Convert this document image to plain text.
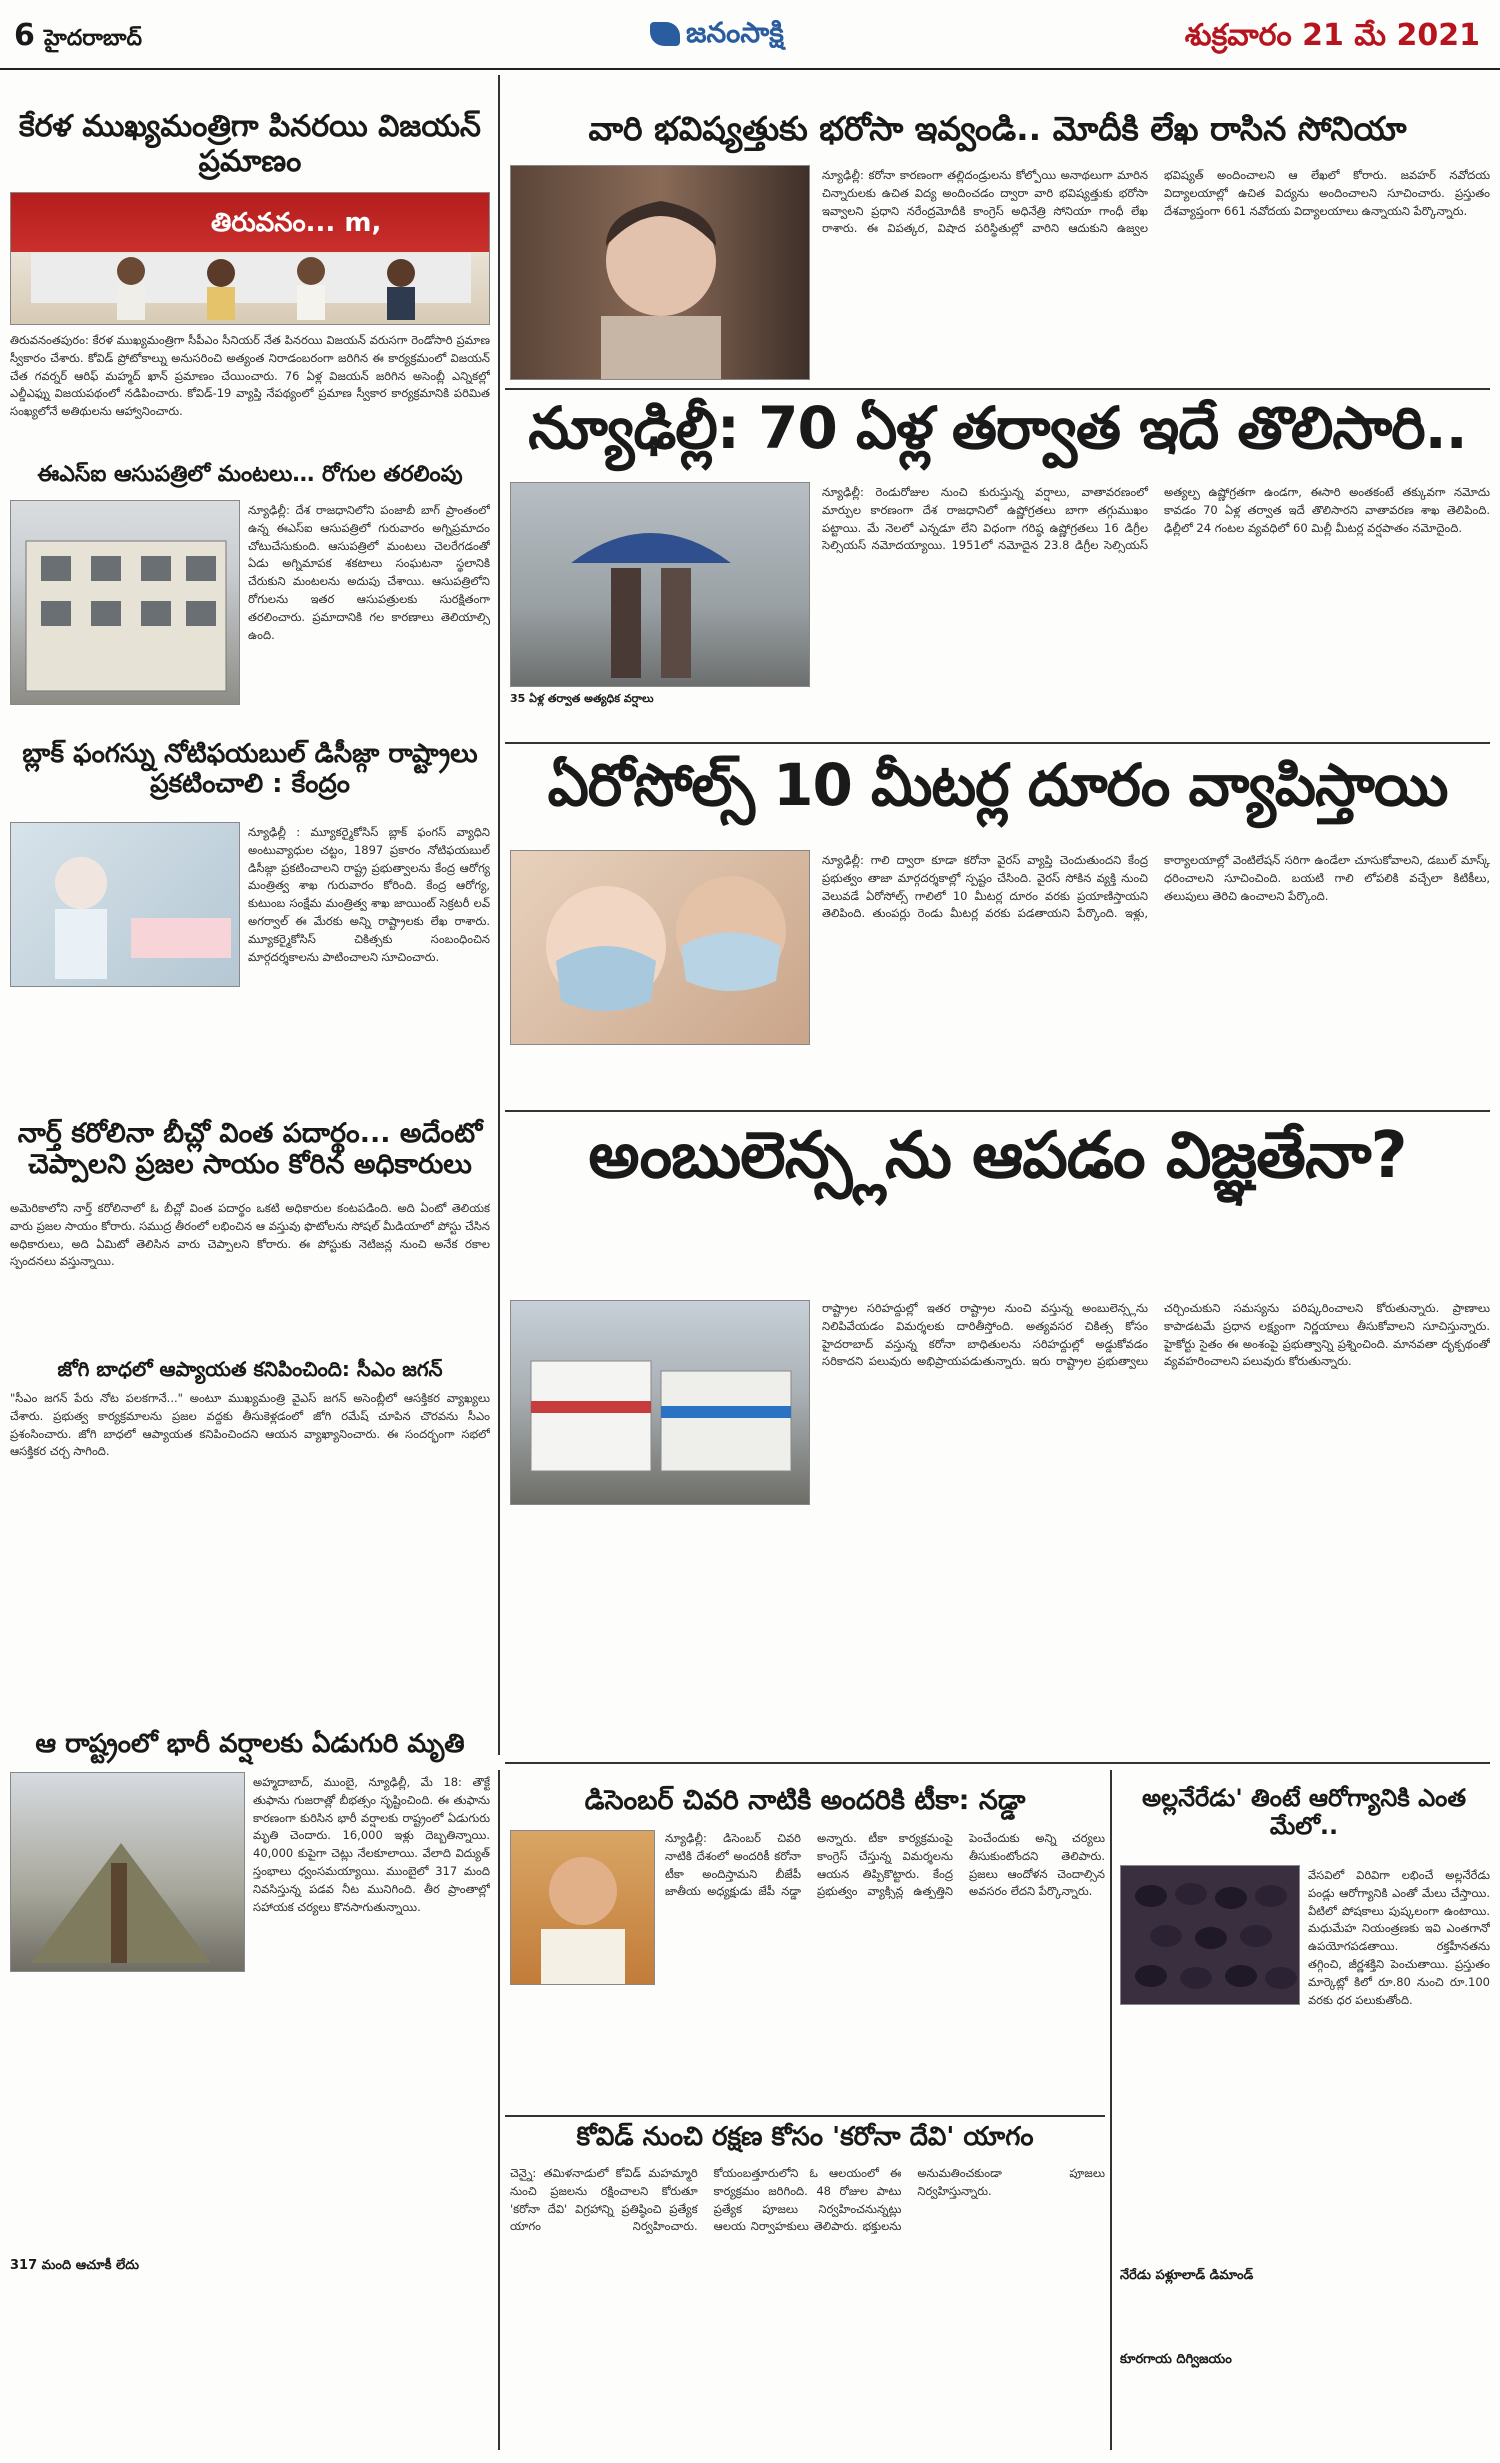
6 హైదరాబాద్	జనంసాక్షి	శుక్రవారం 21 మే 2021
కేరళ ముఖ్యమంత్రిగా పినరయి విజయన్ ప్రమాణం
తిరువనం... m,
తిరువనంతపురం: కేరళ ముఖ్యమంత్రిగా సీపీఎం సీనియర్ నేత పినరయి విజయన్ వరుసగా రెండోసారి ప్రమాణ స్వీకారం చేశారు. కోవిడ్ ప్రోటోకాల్ను అనుసరించి అత్యంత నిరాడంబరంగా జరిగిన ఈ కార్యక్రమంలో విజయన్ చేత గవర్నర్ ఆరిఫ్ మహ్మద్ ఖాన్ ప్రమాణం చేయించారు. 76 ఏళ్ల విజయన్ జరిగిన అసెంబ్లీ ఎన్నికల్లో ఎల్డీఎఫ్ను విజయపథంలో నడిపించారు. కోవిడ్-19 వ్యాప్తి నేపథ్యంలో ప్రమాణ స్వీకార కార్యక్రమానికి పరిమిత సంఖ్యలోనే అతిథులను ఆహ్వానించారు.
ఈఎస్ఐ ఆసుపత్రిలో మంటలు… రోగుల తరలింపు
న్యూఢిల్లీ: దేశ రాజధానిలోని పంజాబీ బాగ్ ప్రాంతంలో ఉన్న ఈఎస్ఐ ఆసుపత్రిలో గురువారం అగ్నిప్రమాదం చోటుచేసుకుంది. ఆసుపత్రిలో మంటలు చెలరేగడంతో ఏడు అగ్నిమాపక శకటాలు సంఘటనా స్థలానికి చేరుకుని మంటలను అదుపు చేశాయి. ఆసుపత్రిలోని రోగులను ఇతర ఆసుపత్రులకు సురక్షితంగా తరలించారు. ప్రమాదానికి గల కారణాలు తెలియాల్సి ఉంది.
బ్లాక్ ఫంగస్ను నోటిఫయబుల్ డిసీజ్గా రాష్ట్రాలు ప్రకటించాలి : కేంద్రం
న్యూఢిల్లీ : మ్యూకర్మైకోసిస్ బ్లాక్ ఫంగస్ వ్యాధిని అంటువ్యాధుల చట్టం, 1897 ప్రకారం నోటిఫయబుల్ డిసీజ్గా ప్రకటించాలని రాష్ట్ర ప్రభుత్వాలను కేంద్ర ఆరోగ్య మంత్రిత్వ శాఖ గురువారం కోరింది. కేంద్ర ఆరోగ్య, కుటుంబ సంక్షేమ మంత్రిత్వ శాఖ జాయింట్ సెక్రటరీ లవ్ అగర్వాల్ ఈ మేరకు అన్ని రాష్ట్రాలకు లేఖ రాశారు. మ్యూకర్మైకోసిస్ చికిత్సకు సంబంధించిన మార్గదర్శకాలను పాటించాలని సూచించారు.
నార్త్ కరోలినా బీచ్లో వింత పదార్థం... అదేంటో చెప్పాలని ప్రజల సాయం కోరిన అధికారులు
అమెరికాలోని నార్త్ కరోలినాలో ఓ బీచ్లో వింత పదార్థం ఒకటి అధికారుల కంటపడింది. అది ఏంటో తెలియక వారు ప్రజల సాయం కోరారు. సముద్ర తీరంలో లభించిన ఆ వస్తువు ఫొటోలను సోషల్ మీడియాలో పోస్టు చేసిన అధికారులు, అది ఏమిటో తెలిసిన వారు చెప్పాలని కోరారు. ఈ పోస్టుకు నెటిజన్ల నుంచి అనేక రకాల స్పందనలు వస్తున్నాయి.
జోగి బాధలో ఆప్యాయత కనిపించింది: సీఎం జగన్
"సీఎం జగన్ పేరు నోట పలకగానే..." అంటూ ముఖ్యమంత్రి వైఎస్ జగన్ అసెంబ్లీలో ఆసక్తికర వ్యాఖ్యలు చేశారు. ప్రభుత్వ కార్యక్రమాలను ప్రజల వద్దకు తీసుకెళ్లడంలో జోగి రమేష్ చూపిన చొరవను సీఎం ప్రశంసించారు. జోగి బాధలో ఆప్యాయత కనిపించిందని ఆయన వ్యాఖ్యానించారు. ఈ సందర్భంగా సభలో ఆసక్తికర చర్చ సాగింది.
ఆ రాష్ట్రంలో భారీ వర్షాలకు ఏడుగురి మృతి
అహ్మదాబాద్, ముంబై, న్యూఢిల్లీ, మే 18: తౌక్టే తుఫాను గుజరాత్లో బీభత్సం సృష్టించింది. ఈ తుఫాను కారణంగా కురిసిన భారీ వర్షాలకు రాష్ట్రంలో ఏడుగురు మృతి చెందారు. 16,000 ఇళ్లు దెబ్బతిన్నాయి. 40,000 కుపైగా చెట్లు నేలకూలాయి. వేలాది విద్యుత్ స్తంభాలు ధ్వంసమయ్యాయి. ముంబైలో 317 మంది నివసిస్తున్న పడవ నీట మునిగింది. తీర ప్రాంతాల్లో సహాయక చర్యలు కొనసాగుతున్నాయి.
317 మంది ఆచూకీ లేదు
వారి భవిష్యత్తుకు భరోసా ఇవ్వండి.. మోదీకి లేఖ రాసిన సోనియా
న్యూఢిల్లీ: కరోనా కారణంగా తల్లిదండ్రులను కోల్పోయి అనాథలుగా మారిన చిన్నారులకు ఉచిత విద్య అందించడం ద్వారా వారి భవిష్యత్తుకు భరోసా ఇవ్వాలని ప్రధాని నరేంద్రమోదీకి కాంగ్రెస్ అధినేత్రి సోనియా గాంధీ లేఖ రాశారు. ఈ విపత్కర, విషాద పరిస్థితుల్లో వారిని ఆదుకుని ఉజ్వల భవిష్యత్ అందించాలని ఆ లేఖలో కోరారు. జవహర్ నవోదయ విద్యాలయాల్లో ఉచిత విద్యను అందించాలని సూచించారు. ప్రస్తుతం దేశవ్యాప్తంగా 661 నవోదయ విద్యాలయాలు ఉన్నాయని పేర్కొన్నారు.
న్యూఢిల్లీ: 70 ఏళ్ల తర్వాత ఇదే తొలిసారి..
35 ఏళ్ల తర్వాత అత్యధిక వర్షాలు
న్యూఢిల్లీ: రెండురోజుల నుంచి కురుస్తున్న వర్షాలు, వాతావరణంలో మార్పుల కారణంగా దేశ రాజధానిలో ఉష్ణోగ్రతలు బాగా తగ్గుముఖం పట్టాయి. మే నెలలో ఎన్నడూ లేని విధంగా గరిష్ఠ ఉష్ణోగ్రతలు 16 డిగ్రీల సెల్సియస్ నమోదయ్యాయి. 1951లో నమోదైన 23.8 డిగ్రీల సెల్సియస్ అత్యల్ప ఉష్ణోగ్రతగా ఉండగా, ఈసారి అంతకంటే తక్కువగా నమోదు కావడం 70 ఏళ్ల తర్వాత ఇదే తొలిసారని వాతావరణ శాఖ తెలిపింది. ఢిల్లీలో 24 గంటల వ్యవధిలో 60 మిల్లీ మీటర్ల వర్షపాతం నమోదైంది.
ఏరోసోల్స్ 10 మీటర్ల దూరం వ్యాపిస్తాయి
న్యూఢిల్లీ: గాలి ద్వారా కూడా కరోనా వైరస్ వ్యాప్తి చెందుతుందని కేంద్ర ప్రభుత్వం తాజా మార్గదర్శకాల్లో స్పష్టం చేసింది. వైరస్ సోకిన వ్యక్తి నుంచి వెలువడే ఏరోసోల్స్ గాలిలో 10 మీటర్ల దూరం వరకు ప్రయాణిస్తాయని తెలిపింది. తుంపర్లు రెండు మీటర్ల వరకు పడతాయని పేర్కొంది. ఇళ్లు, కార్యాలయాల్లో వెంటిలేషన్ సరిగా ఉండేలా చూసుకోవాలని, డబుల్ మాస్క్ ధరించాలని సూచించింది. బయటి గాలి లోపలికి వచ్చేలా కిటికీలు, తలుపులు తెరిచి ఉంచాలని పేర్కొంది.
అంబులెన్స్లను ఆపడం విజ్ఞతేనా?
రాష్ట్రాల సరిహద్దుల్లో ఇతర రాష్ట్రాల నుంచి వస్తున్న అంబులెన్స్లను నిలిపివేయడం విమర్శలకు దారితీస్తోంది. అత్యవసర చికిత్స కోసం హైదరాబాద్ వస్తున్న కరోనా బాధితులను సరిహద్దుల్లో అడ్డుకోవడం సరికాదని పలువురు అభిప్రాయపడుతున్నారు. ఇరు రాష్ట్రాల ప్రభుత్వాలు చర్చించుకుని సమస్యను పరిష్కరించాలని కోరుతున్నారు. ప్రాణాలు కాపాడటమే ప్రధాన లక్ష్యంగా నిర్ణయాలు తీసుకోవాలని సూచిస్తున్నారు. హైకోర్టు సైతం ఈ అంశంపై ప్రభుత్వాన్ని ప్రశ్నించింది. మానవతా దృక్పథంతో వ్యవహరించాలని పలువురు కోరుతున్నారు.
డిసెంబర్ చివరి నాటికి అందరికి టీకా: నడ్డా
న్యూఢిల్లీ: డిసెంబర్ చివరి నాటికి దేశంలో అందరికీ కరోనా టీకా అందిస్తామని బీజేపీ జాతీయ అధ్యక్షుడు జేపీ నడ్డా అన్నారు. టీకా కార్యక్రమంపై కాంగ్రెస్ చేస్తున్న విమర్శలను ఆయన తిప్పికొట్టారు. కేంద్ర ప్రభుత్వం వ్యాక్సిన్ల ఉత్పత్తిని పెంచేందుకు అన్ని చర్యలు తీసుకుంటోందని తెలిపారు. ప్రజలు ఆందోళన చెందాల్సిన అవసరం లేదని పేర్కొన్నారు.
కోవిడ్ నుంచి రక్షణ కోసం 'కరోనా దేవి' యాగం
చెన్నై: తమిళనాడులో కోవిడ్ మహమ్మారి నుంచి ప్రజలను రక్షించాలని కోరుతూ 'కరోనా దేవి' విగ్రహాన్ని ప్రతిష్ఠించి ప్రత్యేక యాగం నిర్వహించారు. కోయంబత్తూరులోని ఓ ఆలయంలో ఈ కార్యక్రమం జరిగింది. 48 రోజుల పాటు ప్రత్యేక పూజలు నిర్వహించనున్నట్లు ఆలయ నిర్వాహకులు తెలిపారు. భక్తులను అనుమతించకుండా పూజలు నిర్వహిస్తున్నారు.
అల్లనేరేడు' తింటే ఆరోగ్యానికి ఎంత మేలో..
వేసవిలో విరివిగా లభించే అల్లనేరేడు పండ్లు ఆరోగ్యానికి ఎంతో మేలు చేస్తాయి. వీటిలో పోషకాలు పుష్కలంగా ఉంటాయి. మధుమేహ నియంత్రణకు ఇవి ఎంతగానో ఉపయోగపడతాయి. రక్తహీనతను తగ్గించి, జీర్ణశక్తిని పెంచుతాయి. ప్రస్తుతం మార్కెట్లో కిలో రూ.80 నుంచి రూ.100 వరకు ధర పలుకుతోంది.
నేరేడు పళ్లూలాడ్ డిమాండ్
కూరగాయ దిగ్విజయం
